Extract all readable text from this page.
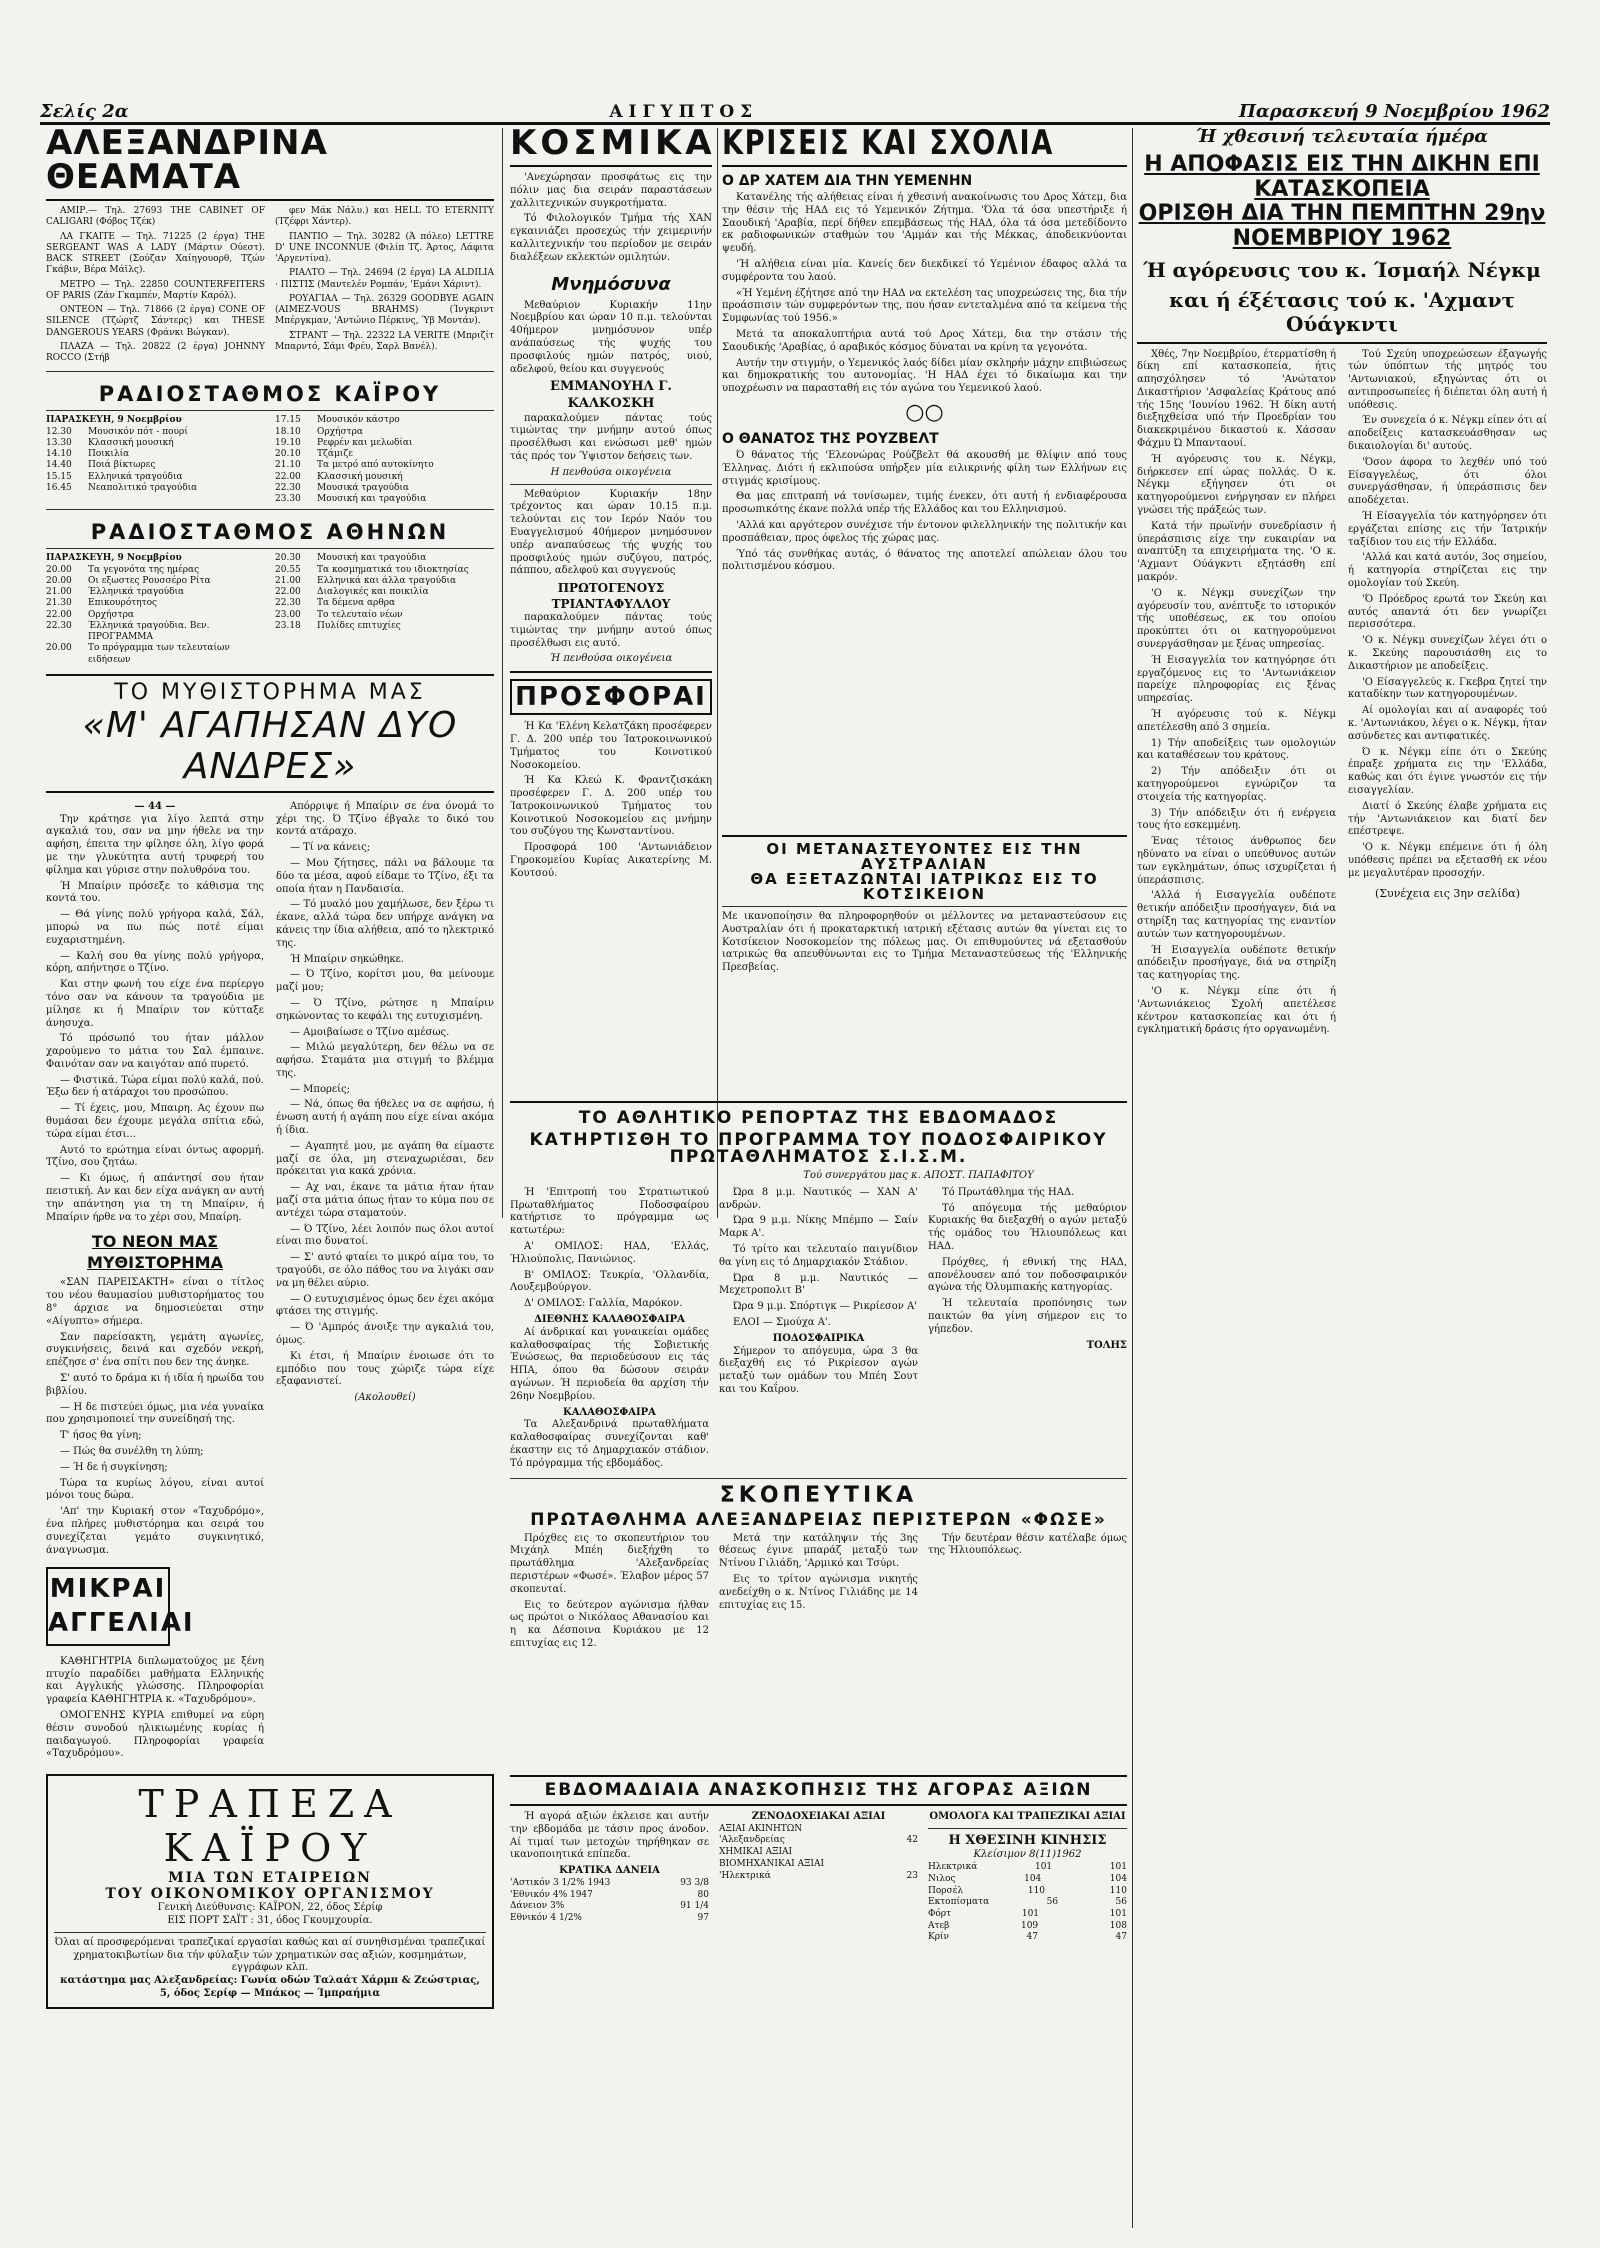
Σελίς 2α	ΑΙΓΥΠΤΟΣ	Παρασκευή 9 Νοεμβρίου 1962
ΑΛΕΞΑΝΔΡΙΝΑ ΘΕΑΜΑΤΑ
ΑΜΙΡ.— Τηλ. 27693 THE CABINET OF CALIGARI (Φόβος Τζέκ)
ΛΑ ΓΚΑΙΤΕ — Τηλ. 71225 (2 έργα) THE SERGEANT WAS A LADY (Μάρτιν Ούεστ). BACK STREET (Σούζαν Χαίηγουορθ, Τζών Γκάβιν, Βέρα Μάϊλς).
ΜΕΤΡΟ — Τηλ. 22850 COUNTERFEITERS OF PARIS (Ζάν Γκαμπέν, Μαρτίν Καρόλ).
ΟΝΤΕΟΝ — Τηλ. 71866 (2 έργα) CONE OF SILENCE (Τζώρτζ Σάντερς) και THESE DANGEROUS YEARS (Φράνκι Βώγκαν).
ΠΛΑΖΑ — Τηλ. 20822 (2 έργα) JOHNNY ROCCO (Στήβ
φεν Μάκ Νάλυ.) και HELL TO ETERNITY (Τζέφρι Χάντερ).
ΠΑΝΤΙΟ — Τηλ. 30282 (Ά πόλεο) LETTRE D' UNE INCONNUE (Φιλίπ Τζ. Άρτος, Λάφιτα 'Αργεντίνα).
ΡΙΑΛΤΟ — Τηλ. 24694 (2 έργα) LA ALDILIA · ΠΙΣΤΙΣ (Μαντελέν Ρομπάν, 'Εμάνι Χάριντ).
ΡΟΥΑΓΙΑΛ — Τηλ. 26329 GOODBYE AGAIN (AIMEZ-VOUS BRAHMS) (Ίνγκριντ Μπέργκμαν, 'Αντώνιο Πέρκινς, Ύβ Μοντάν).
ΣΤΡΑΝΤ — Τηλ. 22322 LA VERITE (Μπριζίτ Μπαρντό, Σάμι Φρέυ, Σαρλ Βανέλ).
ΡΑΔΙΟΣΤΑΘΜΟΣ ΚΑΪΡΟΥ
ΠΑΡΑΣΚΕΥΗ, 9 Νοεμβρίου
12.30	Μουσικόν πότ - πουρί
13.30	Κλασσική μουσική
14.10	Ποικιλία
14.40	Ποιά βίκτωρες
15.15	Ελληνικά τραγούδια
16.45	Νεαπολιτικό τραγούδια
17.15	Μουσικόν κάστρο
18.10	Ορχήστρα
19.10	Ρεφρέν και μελωδίαι
20.10	Τζάμιζε
21.10	Τα μετρό από αυτοκίνητο
22.00	Κλασσική μουσική
22.30	Μουσικά τραγούδια
23.30	Μουσική και τραγούδια
ΡΑΔΙΟΣΤΑΘΜΟΣ ΑΘΗΝΩΝ
ΠΑΡΑΣΚΕΥΗ, 9 Νοεμβρίου
20.00	Τα γεγονότα της ημέρας
20.00	Οι εξωστες Ρουσσέρο Ρίτα
21.00	Έλληνικά τραγούδια
21.30	Επικουρότητος
22.00	Ορχήστρα
22.30	Έλληνικά τραγούδια. Βεν. ΠΡΟΓΡΑΜΜΑ
20.00	Το πρόγραμμα των τελευταίων ειδήσεων
20.30	Μουσική και τραγούδια
20.55	Τα κοσμηματικά του ιδιοκτησίας
21.00	Ελληνικά και άλλα τραγούδια
22.00	Διαλογικές και ποικιλία
22.30	Τα δέμενα αρθρα
23.00	Το τελευταίο νέων
23.18	Πυλίδες επιτυχίες
ΤΟ ΜΥΘΙΣΤΟΡΗΜΑ ΜΑΣ
«Μ' ΑΓΑΠΗΣΑΝ ΔΥΟ ΑΝΔΡΕΣ»
— 44 —

Την κράτησε για λίγο λεπτά στην αγκαλιά του, σαν να μην ήθελε να την αφήση, έπειτα την φίλησε όλη, λίγο φορά με την γλυκύτητα αυτή τρυφερή του φίλημα και γύρισε στην πολυθρόνα του.

Ή Μπαίριν πρόσεξε το κάθισμα της κοντά του.

— Θά γίνης πολύ γρήγορα καλά, Σάλ, μπορώ να πω πώς ποτέ είμαι ευχαριστημένη.

— Καλή σου θα γίνης πολύ γρήγορα, κόρη, απήντησε ο Τζίνο.

Και στην φωνή του είχε ένα περίεργο τόνο σαν να κάνουν τα τραγούδια με μίλησε κι ή Μπαίριν τον κύτταξε άνησυχα.

Τό πρόσωπό του ήταν μάλλον χαρούμενο το μάτια του Σαλ έμπαινε. Φαινόταν σαν να καιγόταν από πυρετό.

— Φιστικά. Τώρα είμαι πολύ καλά, πού. Έξω δεν ή ατάραχοι του προσώπου.

— Τί έχεις, μου, Μπαιρη. Ας έχουν πω θυμάσαι δεν έχουμε μεγάλα σπίτια εδώ, τώρα είμαι έτσι...

Αυτό το ερώτημα είναι όντως αφορμή. Τζίνο, σου ζητάω.

— Κι όμως, ή απάντησί σου ήταν πειστική. Αν και δεν είχα ανάγκη αν αυτή την απάντηση για τη τη Μπαίριν, ή Μπαίριν ήρθε να το χέρι σου, Μπαίρη.

ΤΟ ΝΕΟΝ ΜΑΣ ΜΥΘΙΣΤΟΡΗΜΑ

«ΣΑΝ ΠΑΡΕΙΣΑΚΤΗ» είναι ο τίτλος του νέου θαυμασίου μυθιστορήματος του 8° άρχισε να δημοσιεύεται στην «Αίγυπτο» σήμερα.

Σαν παρείσακτη, γεμάτη αγωνίες, συγκινήσεις, δεινά και σχεδόν νεκρή, επέζησε σ' ένα σπίτι που δεν της άνηκε.

Σ' αυτό το δράμα κι ή ιδία ή ηρωίδα του βιβλίου.

— Η δε πιστεύει όμως, μια νέα γυναίκα που χρησιμοποιεί την συνείδησή της.

Τ' ήσος θα γίνη;

— Πώς θα συνέλθη τη λύπη;

— Ή δε ή συγκίνηση;

Τώρα τα κυρίως λόγου, είναι αυτοί μόνοι τους δώρα.

'Απ' την Κυριακή στον «Ταχυδρόμο», ένα πλήρες μυθιστόρημα και σειρά του συνεχίζεται γεμάτο συγκινητικό, άναγνωσμα.

ΜΙΚΡΑΙ ΑΓΓΕΛΙΑΙ

ΚΑΘΗΓΗΤΡΙΑ διπλωματούχος με ξένη πτυχίο παραδίδει μαθήματα Ελληνικής και Αγγλικής γλώσσης. Πληροφορίαι γραφεία ΚΑΘΗΓΗΤΡΙΑ κ. «Ταχυδρόμου».

ΟΜΟΓΕΝΗΣ ΚΥΡΙΑ επιθυμεί να εύρη θέσιν συνοδού ηλικιωμένης κυρίας ή παιδαγωγού. Πληροφορίαι γραφεία «Ταχυδρόμου».

Απόρριψε ή Μπαίριν σε ένα όνομά το χέρι της. Ό Τζίνο έβγαλε το δικό του κοντά ατάραχο.

— Τί να κάνεις;

— Μου ζήτησες, πάλι να βάλουμε τα δύο τα μέσα, αφού είδαμε το Τζίνο, έξι τα οποία ήταν η Πανδαισία.

— Τό μυαλό μου χαμήλωσε, δεν ξέρω τι έκανε, αλλά τώρα δεν υπήρχε ανάγκη να κάνεις την ίδια αλήθεια, από το ηλεκτρικό της.

Ή Μπαίριν σηκώθηκε.

— Ό Τζίνο, κορίτσι μου, θα μείνουμε μαζί μου;

— Ό Τζίνο, ρώτησε η Μπαίριν σηκώνοντας το κεφάλι της ευτυχισμένη.

— Αμοιβαίωσε ο Τζίνο αμέσως.

— Μιλώ μεγαλύτερη, δεν θέλω να σε αφήσω. Σταμάτα μια στιγμή το βλέμμα της.

— Μπορείς;

— Νά, όπως θα ήθελες να σε αφήσω, ή ένωση αυτή ή αγάπη που είχε είναι ακόμα ή ίδια.

— Αγαπητέ μου, με αγάπη θα είμαστε μαζί σε όλα, μη στεναχωριέσαι, δεν πρόκειται για κακά χρόνια.

— Αχ ναι, έκανε τα μάτια ήταν ήταν μαζί στα μάτια όπως ήταν το κύμα που σε αντέχει τώρα σταματούν.

— Ό Τζίνο, λέει λοιπόν πως όλοι αυτοί είναι πιο δυνατοί.

— Σ' αυτό φταίει το μικρό αίμα του, το τραγούδι, σε όλο πάθος του να λιγάκι σαν να μη θέλει αύριο.

— Ο ευτυχισμένος όμως δεν έχει ακόμα φτάσει της στιγμής.

— Ό 'Αμπρός άνοιξε την αγκαλιά του, όμως.

Κι έτσι, ή Μπαίριν ένοιωσε ότι το εμπόδιο που τους χώριζε τώρα είχε εξαφανιστεί.

(Ακολουθεί)
ΤΡΑΠΕΖΑ ΚΑΪΡΟΥ
ΜΙΑ ΤΩΝ ΕΤΑΙΡΕΙΩΝ
ΤΟΥ ΟΙΚΟΝΟΜΙΚΟΥ ΟΡΓΑΝΙΣΜΟΥ
Γενική Διεύθυνσις: ΚΑΪΡΟΝ, 22, όδος Σέρίφ
ΕΙΣ ΠΟΡΤ ΣΑΪΤ : 31, όδος Γκουμχουρία.
Όλαι αί προσφερόμεναι τραπεζικαί εργασίαι καθώς και αί συνηθισμέναι τραπεζικαί χρηματοκιβωτίων δια τήν φύλαξιν τών χρηματικών σας αξιών, κοσμημάτων, εγγράφων κλπ.
κατάστημα μας Αλεξανδρείας: Γωνία οδών Ταλαάτ Χάρμπ & Ζεώστριας, 5, όδος Σερίφ — Μπάκος — Ίμπραήμια
ΚΟΣΜΙΚΑ

'Ανεχώρησαν προσφάτως εις την πόλιν μας δια σειράν παραστάσεων χαλλιτεχνικών συγκροτήματα.

Τό Φιλολογικόν Τμήμα τής ΧΑΝ εγκαινιάζει προσεχώς τήν χειμερινήν καλλιτεχνικήν του περίοδον με σειράν διαλέξεων εκλεκτών ομιλητών.

Μνημόσυνα

Μεθαύριον Κυριακήν 11ην Νοεμβρίου και ώραν 10 π.μ. τελούνται 40ήμερον μνημόσυνον υπέρ ανάπαύσεως τής ψυχής του προσφιλούς ημών πατρός, υιού, αδελφού, θείου και συγγενούς

ΕΜΜΑΝΟΥΗΛ Γ. ΚΑΛΚΟΣΚΗ

παρακαλούμεν πάντας τούς τιμώντας την μνήμην αυτού όπως προσέλθωσι και ενώσωσι μεθ' ημών τάς πρός τον Ύψιστον δεήσεις των.

Η πενθούσα οικογένεια

Μεθαύριον Κυριακήν 18ην τρέχοντος και ώραν 10.15 π.μ. τελούνται εις τον Ιερόν Ναόν του Ευαγγελισμού 40ήμερον μνημόσυνον υπέρ αναπαύσεως τής ψυχής του προσφιλούς ημών συζύγου, πατρός, πάππου, αδελφού και συγγενούς

ΠΡΩΤΟΓΕΝΟΥΣ ΤΡΙΑΝΤΑΦΥΛΛΟΥ

παρακαλούμεν πάντας τούς τιμώντας την μνήμην αυτού όπως προσέλθωσι εις αυτό.

Ή πενθούσα οικογένεια
ΠΡΟΣΦΟΡΑΙ

Ή Κα 'Ελένη Κελατζάκη προσέφερεν Γ. Δ. 200 υπέρ του Ίατροκοινωνικού Τμήματος του Κοινοτικού Νοσοκομείου.

Ή Κα Κλεώ Κ. Φραντζισκάκη προσέφερεν Γ. Δ. 200 υπέρ του Ίατροκοινωνικού Τμήματος του Κοινοτικού Νοσοκομείου εις μνήμην του συζύγου της Κωνσταντίνου.

Προσφορά 100 'Αντωνιάδειον Γηροκομείου Κυρίας Αικατερίνης Μ. Κουτσού.

ΚΡΙΣΕΙΣ ΚΑΙ ΣΧΟΛΙΑ
Ο ΔΡ ΧΑΤΕΜ ΔΙΑ ΤΗΝ ΥΕΜΕΝΗΝ

Κατανέλης τής αλήθειας είναι ή χθεσινή ανακοίνωσις του Δρος Χάτεμ, δια την θέσιν τής ΗΑΔ εις τό Υεμενικόν Ζήτημα. 'Όλα τά όσα υπεστήριξε ή Σαουδική 'Αραβία, περί δήθεν επεμβάσεως τής ΗΑΔ, όλα τά όσα μετεδίδοντο εκ ραδιοφωνικών σταθμών του 'Αμμάν και τής Μέκκας, άποδεικνύονται ψευδή.

'Ή αλήθεια είναι μία. Κανείς δεν διεκδικεί τό Υεμένιον έδαφος αλλά τα συμφέροντα του λαού.

«Ή Υεμένη έζήτησε από την ΗΑΔ να εκτελέση τας υποχρεώσεις της, δια τήν προάσπισιν τών συμφερόντων της, που ήσαν εντεταλμένα από τα κείμενα τής Συμφωνίας τού 1956.»

Μετά τα αποκαλυπτήρια αυτά τού Δρος Χάτεμ, δια την στάσιν τής Σαουδικής 'Αραβίας, ό αραβικός κόσμος δύναται να κρίνη τα γεγονότα.

Αυτήν την στιγμήν, ο Υεμενικός λαός δίδει μίαν σκληρήν μάχην επιβιώσεως και δημοκρατικής του αυτονομίας. 'Η ΗΑΔ έχει τό δικαίωμα και την υποχρέωσιν να παρασταθή εις τόν αγώνα του Υεμενικού λαού.

○○
Ο ΘΑΝΑΤΟΣ ΤΗΣ ΡΟΥΖΒΕΛΤ

Ό θάνατος τής 'Ελεονώρας Ρούζβελτ θά ακουσθή με θλίψιν από τους Έλληνας. Διότι ή εκλιπούσα υπήρξεν μία ειλικρινής φίλη των Ελλήνων εις στιγμάς κρισίμους.

Θα μας επιτραπή νά τονίσωμεν, τιμής ένεκεν, ότι αυτή ή ενδιαφέρουσα προσωπικότης έκανε πολλά υπέρ τής Ελλάδος και του Ελληνισμού.

'Αλλά και αργότερον συνέχισε τήν έντονον φιλελληνικήν της πολιτικήν και προσπάθειαν, προς όφελος τής χώρας μας.

Ύπό τάς συνθήκας αυτάς, ό θάνατος της αποτελεί απώλειαν όλου του πολιτισμένου κόσμου.

ΟΙ ΜΕΤΑΝΑΣΤΕΥΟΝΤΕΣ ΕΙΣ ΤΗΝ ΑΥΣΤΡΑΛΙΑΝ
ΘΑ ΕΞΕΤΑΖΩΝΤΑΙ ΙΑΤΡΙΚΩΣ ΕΙΣ ΤΟ ΚΟΤΣΙΚΕΙΟΝ
Με ικανοποίησιν θα πληροφορηθούν οι μέλλοντες να μεταναστεύσουν εις Αυστραλίαν ότι ή προκαταρκτική ιατρική εξέτασις αυτών θα γίνεται εις το Κοτσίκειον Νοσοκομείον της πόλεως μας. Οι επιθυμούντες νά εξετασθούν ιατρικώς θα απευθύνωνται εις το Τμήμα Μεταναστεύσεως τής 'Ελληνικής Πρεσβείας.
ΤΟ ΑΘΛΗΤΙΚΟ ΡΕΠΟΡΤΑΖ ΤΗΣ ΕΒΔΟΜΑΔΟΣ
ΚΑΤΗΡΤΙΣΘΗ ΤΟ ΠΡΟΓΡΑΜΜΑ ΤΟΥ ΠΟΔΟΣΦΑΙΡΙΚΟΥ ΠΡΩΤΑΘΛΗΜΑΤΟΣ Σ.Ι.Σ.Μ.
Τού συνεργάτου μας κ. ΑΠΟΣΤ. ΠΑΠΑΦΙΤΟΥ

Ή 'Επιτροπή του Στρατιωτικού Πρωταθλήματος Ποδοσφαίρου κατήρτισε το πρόγραμμα ως κατωτέρω:

Α' ΟΜΙΛΟΣ: ΗΑΔ, 'Ελλάς, Ήλιούπολις, Πανιώνιος.

Β' ΟΜΙΛΟΣ: Τευκρία, 'Ολλανδία, Λουξεμβούργον.

Δ' ΟΜΙΛΟΣ: Γαλλία, Μαρόκον.

ΔΙΕΘΝΗΣ ΚΑΛΑΘΟΣΦΑΙΡΑ

Αί άνδρικαί και γυναικείαι ομάδες καλαθοσφαίρας τής Σοβιετικής Ένώσεως, θα περιοδεύσουν εις τάς ΗΠΑ, όπου θα δώσουν σειράν αγώνων. Ή περιοδεία θα αρχίση τήν 26ην Νοεμβρίου.

ΚΑΛΑΘΟΣΦΑΙΡΑ

Τα Αλεξανδρινά πρωταθλήματα καλαθοσφαίρας συνεχίζονται καθ' έκαστην εις τό Δημαρχιακόν στάδιον. Τό πρόγραμμα τής εβδομάδος.

Ώρα 8 μ.μ. Ναυτικός — ΧΑΝ Α' ανδρών.

Ώρα 9 μ.μ. Νίκης Μπέμπο — Σαίν Μαρκ Α'.

Τό τρίτο και τελευταίο παιγνίδιον θα γίνη εις τό Δημαρχιακόν Στάδιον.

Ώρα 8 μ.μ. Ναυτικός — Μεχετροπολιτ Β'

Ώρα 9 μ.μ. Σπόρτιγκ — Ρικρίεσον Α'

ΕΛΟΙ — Σμούχα Α'.

ΠΟΔΟΣΦΑΙΡΙΚΑ

Σήμερον το απόγευμα, ώρα 3 θα διεξαχθή εις τό Ρικρίεσον αγών μεταξύ των ομάδων του Μπέη Σουτ και του Καΐρου.

Τό Πρωτάθλημα τής ΗΑΔ.

Τό απόγευμα τής μεθαύριον Κυριακής θα διεξαχθή ο αγών μεταξύ τής ομάδος του Ήλιουπόλεως και ΗΑΔ.

Πρόχθες, ή εθνική της ΗΑΔ, απονέλουσεν από τον ποδοσφαιρικόν αγώνα τής Όλυμπιακής κατηγορίας.

Ή τελευταία προπόνησις των παικτών θα γίνη σήμερον εις το γήπεδον.

ΤΟΛΗΣ
ΣΚΟΠΕΥΤΙΚΑ
ΠΡΩΤΑΘΛΗΜΑ ΑΛΕΞΑΝΔΡΕΙΑΣ ΠΕΡΙΣΤΕΡΩΝ «ΦΩΣΕ»

Πρόχθες εις το σκοπευτήριον του Μιχάηλ Μπέη διεξήχθη το πρωτάθλημα 'Αλεξανδρείας περιστέρων «Φωσέ». Έλαβον μέρος 57 σκοπευταί.

Εις το δεύτερον αγώνισμα ήλθαν ως πρώτοι ο Νικόλαος Αθανασίου και η κα Δέσποινα Κυριάκου με 12 επιτυχίας εις 12.

Μετά την κατάληψιν τής 3ης θέσεως έγινε μπαράζ μεταξύ των Ντίνου Γιλιάδη, 'Αρμικό και Τσύρι.

Εις το τρίτον αγώνισμα νικητής ανεδείχθη ο κ. Ντίνος Γιλιάδης με 14 επιτυχίας εις 15.

Τήν δευτέραν θέσιν κατέλαβε όμως της Ήλιουπόλεως.

ΕΒΔΟΜΑΔΙΑΙΑ ΑΝΑΣΚΟΠΗΣΙΣ ΤΗΣ ΑΓΟΡΑΣ ΑΞΙΩΝ

Ή αγορά αξιών έκλεισε και αυτήν την εβδομάδα με τάσιν προς άνοδον. Αί τιμαί των μετοχών τηρήθηκαν σε ικανοποιητικά επίπεδα.

ΚΡΑΤΙΚΑ ΔΑΝΕΙΑ
'Αστικόν 3 1/2% 1943	93 3/8
'Εθνικόν 4% 1947	80
Δάνειον 3%	91 1/4
Εθνικόν 4 1/2%	97
ΖΕΝΟΔΟΧΕΙΑΚΑΙ ΑΞΙΑΙ
ΑΞΙΑΙ ΑΚΙΝΗΤΩΝ
'Αλεξανδρείας	42
ΧΗΜΙΚΑΙ ΑΞΙΑΙ
ΒΙΟΜΗΧΑΝΙΚΑΙ ΑΞΙΑΙ
'Ηλεκτρικά	23
ΟΜΟΛΟΓΑ ΚΑΙ ΤΡΑΠΕΖΙΚΑΙ ΑΞΙΑΙ
Η ΧΘΕΣΙΝΗ ΚΙΝΗΣΙΣ
Κλείσιμον 8(11)1962
Ηλεκτρικά	101	101
Νιλος	104	104
Πορσέλ	110	110
Εκτοπίσματα	56	56
Φόρτ	101	101
Ατεβ	109	108
Κρίν	47	47
Ή χθεσινή τελευταία ήμέρα
Η ΑΠΟΦΑΣΙΣ ΕΙΣ ΤΗΝ ΔΙΚΗΝ ΕΠΙ ΚΑΤΑΣΚΟΠΕΙΑ
ΟΡΙΣΘΗ ΔΙΑ ΤΗΝ ΠΕΜΠΤΗΝ 29ην ΝΟΕΜΒΡΙΟΥ 1962
Ή αγόρευσις του κ. Ίσμαήλ Νέγκμ
και ή έξέτασις τού κ. 'Αχμαντ Ούάγκντι

Χθές, 7ην Νοεμβρίου, έτερματίσθη ή δίκη επί κατασκοπεία, ήτις απησχόλησεν τό 'Ανώτατον Δικαστήριον 'Ασφαλείας Κράτους από τής 15ης 'Ιουνίου 1962. Ή δίκη αυτή διεξηχθείσα υπό τήν Προεδρίαν του διακεκριμένου δικαστού κ. Χάσσαν Φάχμυ Ώ Μπανταουί.

Ή αγόρευσις του κ. Νέγκμ, διήρκεσεν επί ώρας πολλάς. Ό κ. Νέγκμ εξήγησεν ότι οι κατηγορούμενοι ενήργησαν εν πλήρει γνώσει τής πράξεώς των.

Κατά τήν πρωϊνήν συνεδρίασιν ή ύπεράσπισις είχε την ευκαιρίαν να αναπτύξη τα επιχειρήματα της. 'Ο κ. 'Αχμαντ Ούάγκντι εξητάσθη επί μακρόν.

'Ο κ. Νέγκμ συνεχίζων την αγόρευσίν του, ανέπτυξε το ιστορικόν τής υποθέσεως, εκ του οποίου προκύπτει ότι οι κατηγορούμενοι συνεργάσθησαν με ξένας υπηρεσίας.

Ή Εισαγγελία τον κατηγόρησε ότι εργαζόμενος εις το 'Αντωνιάκειον παρείχε πληροφορίας εις ξένας υπηρεσίας.

Ή αγόρευσις τού κ. Νέγκμ απετέλεσθη από 3 σημεία.

1) Τήν αποδείξεις των ομολογιών και καταθέσεων του κράτους.

2) Τήν απόδειξιν ότι οι κατηγορούμενοι εγνώριζον τα στοιχεία τής κατηγορίας.

3) Τήν απόδειξιν ότι ή ενέργεια τους ήτο εσκεμμένη.

Ένας τέτοιος άνθρωπος δεν ηδύνατο να είναι ο υπεύθυνος αυτών των εγκλημάτων, όπως ισχυρίζεται ή ύπεράσπισις.

'Αλλά ή Εισαγγελία ουδέποτε θετικήν απόδειξιν προσήγαγεν, διά να στηρίξη τας κατηγορίας της εναντίον αυτών των κατηγορουμένων.

Ή Εισαγγελία ουδέποτε θετικήν απόδειξιν προσήγαγε, διά να στηρίξη τας κατηγορίας της.

'Ο κ. Νέγκμ είπε ότι ή 'Αντωνιάκειος Σχολή απετέλεσε κέντρον κατασκοπείας και ότι ή εγκληματική δράσις ήτο οργανωμένη.

Τού Σχεύη υποχρεώσεων έξαγωγής τών ύπόπτων τής μητρός του 'Αντωνιακού, εξηγώντας ότι οι αντιπροσωπείες ή διέπεται όλη αυτή ή υπόθεσις.

Έν συνεχεία ό κ. Νέγκμ είπεν ότι αί αποδείξεις κατασκευάσθησαν ως δικαιολογίαι δι' αυτούς.

'Όσον άφορα το λεχθέν υπό τού Είσαγγελέως, ότι όλοι συνεργάσθησαν, ή ύπεράσπισις δεν αποδέχεται.

Ή Είσαγγελία τόν κατηγόρησεν ότι εργάζεται επίσης εις τήν Ίατρικήν ταξίδιον του εις τήν Ελλάδα.

'Αλλά και κατά αυτόν, 3ος σημείου, ή κατηγορία στηρίζεται εις την ομολογίαν τού Σκεύη.

'Ό Πρόεδρος ερωτά τον Σκεύη και αυτός απαντά ότι δεν γνωρίζει περισσότερα.

'Ο κ. Νέγκμ συνεχίζων λέγει ότι ο κ. Σκεύης παρουσιάσθη εις το Δικαστήριον με αποδείξεις.

'Ο Είσαγγελεύς κ. Γκεβρα ζητεί την καταδίκην των κατηγορουμένων.

Αί ομολογίαι και αί αναφορές τού κ. 'Αντωνιάκου, λέγει ο κ. Νέγκμ, ήταν ασύνδετες και αντιφατικές.

Ό κ. Νέγκμ είπε ότι ο Σκεύης έπραξε χρήματα εις την 'Ελλάδα, καθώς και ότι έγινε γνωστόν εις τήν εισαγγελίαν.

Διατί ό Σκεύης έλαβε χρήματα εις τήν 'Αντωνιάκειον και διατί δεν επέστρεψε.

'Ο κ. Νέγκμ επέμεινε ότι ή όλη υπόθεσις πρέπει να εξετασθή εκ νέου με μεγαλυτέραν προσοχήν.

(Συνέχεια εις 3ην σελίδα)
